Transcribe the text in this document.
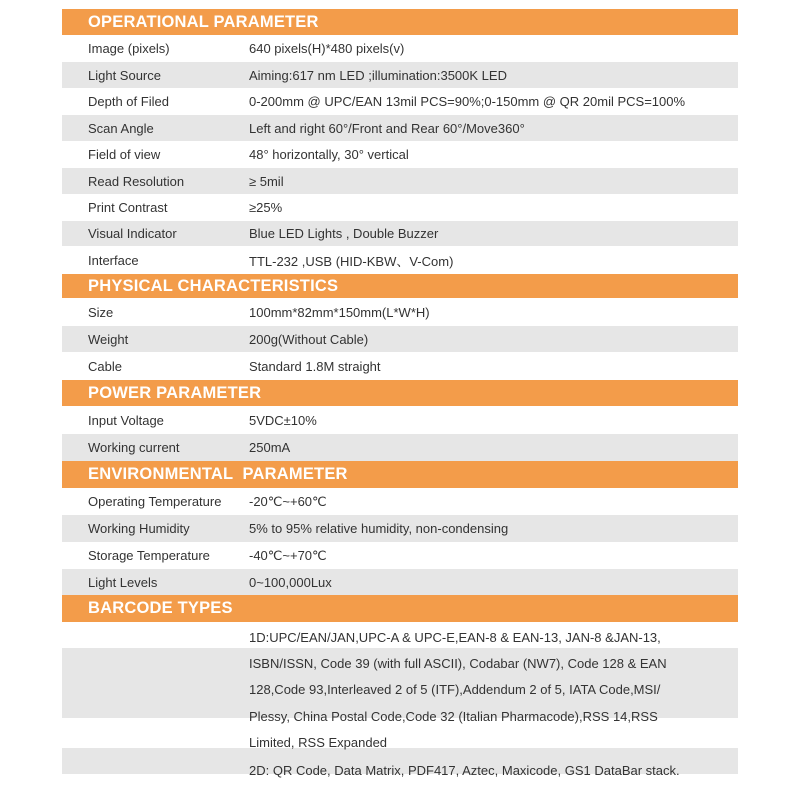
OPERATIONAL PARAMETER
Image (pixels)	640 pixels(H)*480 pixels(v)
Light Source	Aiming:617 nm LED ;illumination:3500K LED
Depth of Filed	0-200mm @ UPC/EAN 13mil PCS=90%;0-150mm @ QR 20mil PCS=100%
Scan Angle	Left and right 60°/Front and Rear 60°/Move360°
Field of view	48° horizontally, 30° vertical
Read Resolution	≥ 5mil
Print Contrast	≥25%
Visual Indicator	Blue LED Lights , Double Buzzer
Interface	TTL-232 ,USB (HID-KBW、V-Com)
PHYSICAL CHARACTERISTICS
Size	100mm*82mm*150mm(L*W*H)
Weight	200g(Without Cable)
Cable	Standard 1.8M straight
POWER PARAMETER
Input Voltage	5VDC±10%
Working current	250mA
ENVIRONMENTAL  PARAMETER
Operating Temperature	-20℃~+60℃
Working Humidity	5% to 95% relative humidity, non-condensing
Storage Temperature	-40℃~+70℃
Light Levels	0~100,000Lux
BARCODE TYPES
1D:UPC/EAN/JAN,UPC-A & UPC-E,EAN-8 & EAN-13, JAN-8 &JAN-13,
ISBN/ISSN, Code 39 (with full ASCII), Codabar (NW7), Code 128 & EAN
128,Code 93,Interleaved 2 of 5 (ITF),Addendum 2 of 5, IATA Code,MSI/
Plessy, China Postal Code,Code 32 (Italian Pharmacode),RSS 14,RSS
Limited, RSS Expanded
2D: QR Code, Data Matrix, PDF417, Aztec, Maxicode, GS1 DataBar stack.
